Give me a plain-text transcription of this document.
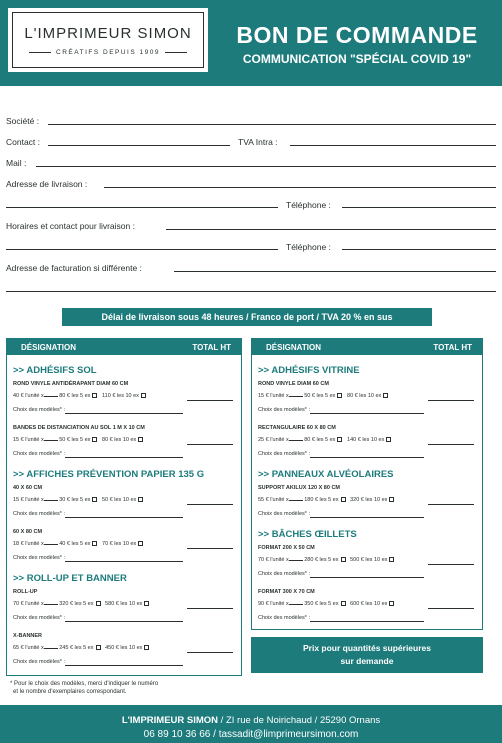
L'IMPRIMEUR SIMON
CRÉATIFS DEPUIS 1909
BON DE COMMANDE
COMMUNICATION "SPÉCIAL COVID 19"
Société :
Contact :	TVA Intra :
Mail :
Adresse de livraison :
Téléphone :
Horaires et contact pour livraison :
Téléphone :
Adresse de facturation si différente :
Délai de livraison sous 48 heures / Franco de port / TVA 20 % en sus
DÉSIGNATION	TOTAL HT
>> ADHÉSIFS SOL
ROND VINYLE ANTIDÉRAPANT DIAM 60 CM
40 € l'unité x	80 € les 5 ex 110 € les 10 ex
Choix des modèles* :
BANDES DE DISTANCIATION AU SOL 1 M X 10 CM
15 € l'unité x	50 € les 5 ex 80 € les 10 ex
Choix des modèles* :
>> AFFICHES PRÉVENTION PAPIER 135 G
40 X 60 CM
15 € l'unité x	30 € les 5 ex 50 € les 10 ex
Choix des modèles* :
60 X 80 CM
18 € l'unité x	40 € les 5 ex 70 € les 10 ex
Choix des modèles* :
>> ROLL-UP ET BANNER
ROLL-UP
70 € l'unité x	320 € les 5 ex 580 € les 10 ex
Choix des modèles* :
X-BANNER
65 € l'unité x	245 € les 5 ex 450 € les 10 ex
Choix des modèles* :
DÉSIGNATION	TOTAL HT
>> ADHÉSIFS VITRINE
ROND VINYLE DIAM 60 CM
15 € l'unité x	50 € les 5 ex 80 € les 10 ex
Choix des modèles* :
RECTANGULAIRE 60 X 80 CM
25 € l'unité x	80 € les 5 ex 140 € les 10 ex
Choix des modèles* :
>> PANNEAUX ALVÉOLAIRES
SUPPORT AKILUX 120 X 80 CM
55 € l'unité x	180 € les 5 ex 320 € les 10 ex
Choix des modèles* :
>> BÂCHES ŒILLETS
FORMAT 200 X 50 CM
70 € l'unité x	280 € les 5 ex 500 € les 10 ex
Choix des modèles* :
FORMAT 300 X 70 CM
90 € l'unité x	350 € les 5 ex 600 € les 10 ex
Choix des modèles* :
Prix pour quantités supérieures
sur demande
* Pour le choix des modèles, merci d'indiquer le numéro
et le nombre d'exemplaires correspondant.
L'IMPRIMEUR SIMON / ZI rue de Noirichaud / 25290 Ornans
06 89 10 36 66 / tassadit@limprimeursimon.com
